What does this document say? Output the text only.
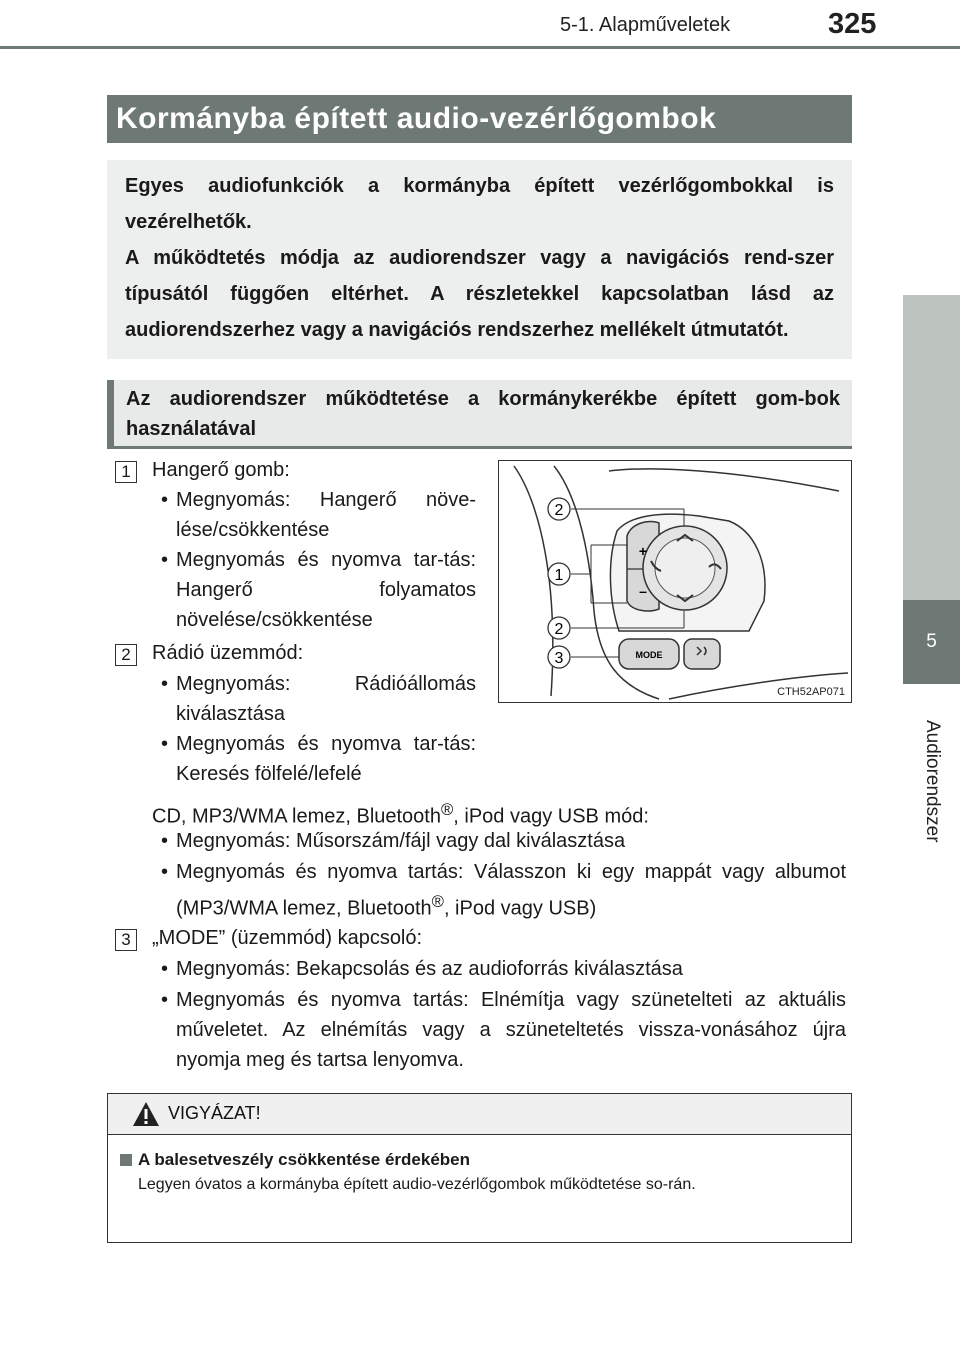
5-1. Alapműveletek	325
5
Audiorendszer
Kormányba épített audio-vezérlőgombok

Egyes audiofunkciók a kormányba épített vezérlőgombokkal is vezérelhetők.

A működtetés módja az audiorendszer vagy a navigációs rend-szer típusától függően eltérhet. A részletekkel kapcsolatban lásd az audiorendszerhez vagy a navigációs rendszerhez mellékelt útmutatót.

Az audiorendszer működtetése a kormánykerékbe épített gom-bok használatával
1	Hangerő gomb:
• Megnyomás: Hangerő növe-lése/csökkentése
• Megnyomás és nyomva tar-tás: Hangerő folyamatos növelése/csökkentése
2	Rádió üzemmód:
• Megnyomás: Rádióállomás kiválasztása
• Megnyomás és nyomva tar-tás: Keresés fölfelé/lefelé
CD, MP3/WMA lemez, Bluetooth®, iPod vagy USB mód:
• Megnyomás: Műsorszám/fájl vagy dal kiválasztása
• Megnyomás és nyomva tartás: Válasszon ki egy mappát vagy albumot (MP3/WMA lemez, Bluetooth®, iPod vagy USB)
3	„MODE” (üzemmód) kapcsoló:
• Megnyomás: Bekapcsolás és az audioforrás kiválasztása
• Megnyomás és nyomva tartás: Elnémítja vagy szünetelteti az aktuális műveletet. Az elnémítás vagy a szüneteltetés vissza-vonásához újra nyomja meg és tartsa lenyomva.
2
1
2
3
+
–
MODE
CTH52AP071
VIGYÁZAT!
A balesetveszély csökkentése érdekében
Legyen óvatos a kormányba épített audio-vezérlőgombok működtetése so-rán.
